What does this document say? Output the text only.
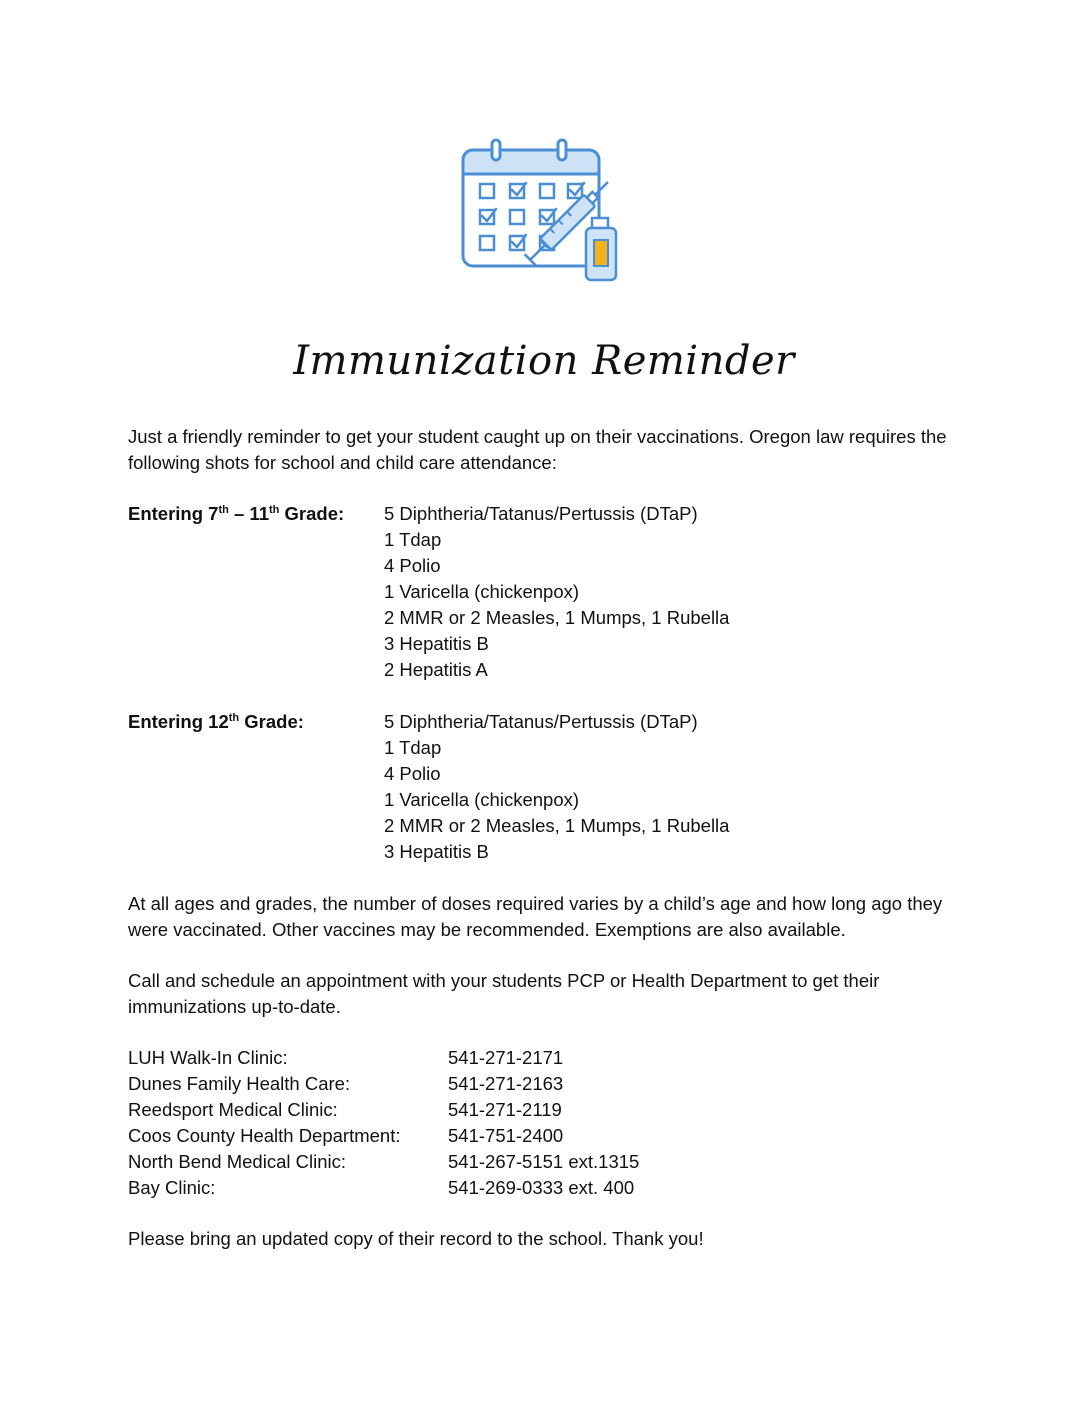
Immunization Reminder

Just a friendly reminder to get your student caught up on their vaccinations. Oregon law requires the following shots for school and child care attendance:

Entering 7th – 11th Grade: 5 Diphtheria/Tatanus/Pertussis (DTaP)
1 Tdap
4 Polio
1 Varicella (chickenpox)
2 MMR or 2 Measles, 1 Mumps, 1 Rubella
3 Hepatitis B
2 Hepatitis A
Entering 12th Grade:	5 Diphtheria/Tatanus/Pertussis (DTaP)
1 Tdap
4 Polio
1 Varicella (chickenpox)
2 MMR or 2 Measles, 1 Mumps, 1 Rubella
3 Hepatitis B

At all ages and grades, the number of doses required varies by a child’s age and how long ago they were vaccinated. Other vaccines may be recommended. Exemptions are also available.

Call and schedule an appointment with your students PCP or Health Department to get their immunizations up-to-date.

LUH Walk-In Clinic:	541-271-2171
Dunes Family Health Care:	541-271-2163
Reedsport Medical Clinic:	541-271-2119
Coos County Health Department:	541-751-2400
North Bend Medical Clinic:	541-267-5151 ext.1315
Bay Clinic:	541-269-0333 ext. 400

Please bring an updated copy of their record to the school. Thank you!
